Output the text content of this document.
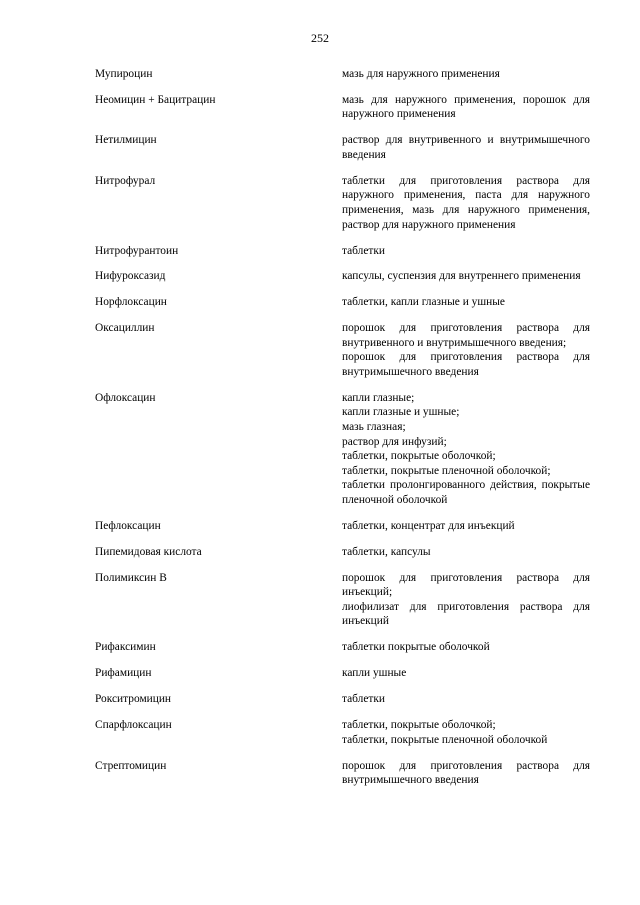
252
Мупироцин	мазь для наружного применения
Неомицин + Бацитрацин	мазь для наружного применения, порошок для наружного применения
Нетилмицин	раствор для внутривенного и внутримышечного введения
Нитрофурал	таблетки для приготовления раствора для наружного применения, паста для наружного применения, мазь для наружного применения, раствор для наружного применения
Нитрофурантоин	таблетки
Нифуроксазид	капсулы, суспензия для внутреннего применения
Норфлоксацин	таблетки, капли глазные и ушные
Оксациллин	порошок для приготовления раствора для внутривенного и внутримышечного введения;
порошок для приготовления раствора для внутримышечного введения
Офлоксацин	капли глазные;
капли глазные и ушные;
мазь глазная;
раствор для инфузий;
таблетки, покрытые оболочкой;
таблетки, покрытые пленочной оболочкой;
таблетки пролонгированного действия, покрытые пленочной оболочкой
Пефлоксацин	таблетки, концентрат для инъекций
Пипемидовая кислота	таблетки, капсулы
Полимиксин В	порошок для приготовления раствора для инъекций;
лиофилизат для приготовления раствора для инъекций
Рифаксимин	таблетки покрытые оболочкой
Рифамицин	капли ушные
Рокситромицин	таблетки
Спарфлоксацин	таблетки, покрытые оболочкой;
таблетки, покрытые пленочной оболочкой
Стрептомицин	порошок для приготовления раствора для внутримышечного введения
